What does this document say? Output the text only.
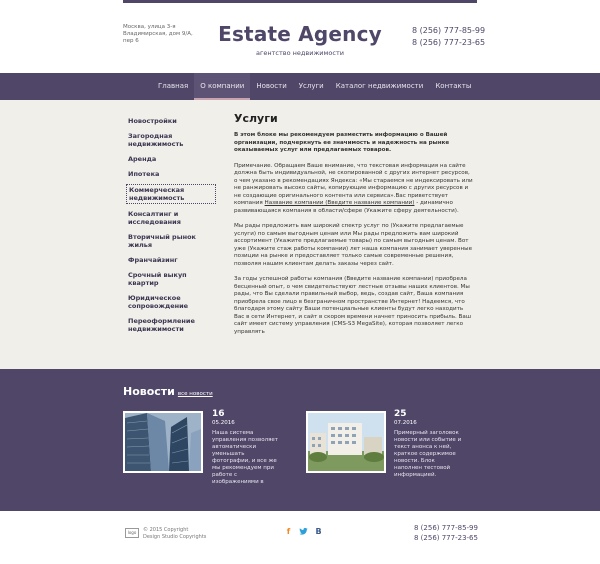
Москва, улица 3-я Владимирская, дом 9/А, пер 6	Estate Agency
агентство недвижимости
8 (256) 777-85-99
8 (256) 777-23-65
Главная	О компании	Новости	Услуги	Каталог недвижимости	Контакты
Новостройки
Загородная недвижимость
Аренда
Ипотека
Коммерческая недвижимость
Консалтинг и исследования
Вторичный рынок жилья
Франчайзинг
Срочный выкуп квартир
Юридическое сопровождение
Переоформление недвижимости
Услуги

В этом блоке мы рекомендуем разместить информацию о Вашей организации, подчеркнуть ее значимость и надежность на рынке оказываемых услуг или предлагаемых товаров.

Примечание. Обращаем Ваше внимание, что текстовая информация на сайте должна быть индивидуальной, не скопированной с других интернет ресурсов, о чем указано в рекомендациях Яндекса: «Мы стараемся не индексировать или не ранжировать высоко сайты, копирующие информацию с других ресурсов и не создающие оригинального контента или сервиса».Вас приветствует компания Название компании (Введите название компании) - динамично развивающаяся компания в области/сфере (Укажите сферу деятельности).

Мы рады предложить вам широкий спектр услуг по (Укажите предлагаемые услуги) по самым выгодным ценам или Мы рады предложить вам широкий ассортимент (Укажите предлагаемые товары) по самым выгодным ценам. Вот уже (Укажите стаж работы компании) лет наша компания занимает уверенные позиции на рынке и предоставляет только самые современные решения, позволяя нашим клиентам делать заказы через сайт.

За годы успешной работы компания (Введите название компании) приобрела бесценный опыт, о чем свидетельствуют лестные отзывы наших клиентов. Мы рады, что Вы сделали правильный выбор, ведь, создав сайт, Ваша компания приобрела свое лицо в безграничном пространстве Интернет! Надеемся, что благодаря этому сайту Ваши потенциальные клиенты будут легко находить Вас в сети Интернет, и сайт в скором времени начнет приносить прибыль. Ваш сайт имеет систему управления (CMS-S3 MegaSite), которая позволяет легко управлять

Новости все новости
16
05.2016
Наша система управления позволяет автоматически уменьшать фотографии, и все же мы рекомендуем при работе с изображениями в
25
07.2016
Примерный заголовок новости или событие и текст анонса к ней, краткое содержимое новости. Блок наполнен тестовой информацией.
logo	© 2015 Copyright
Design Studio Copyrights
f	B	8 (256) 777-85-99
8 (256) 777-23-65
